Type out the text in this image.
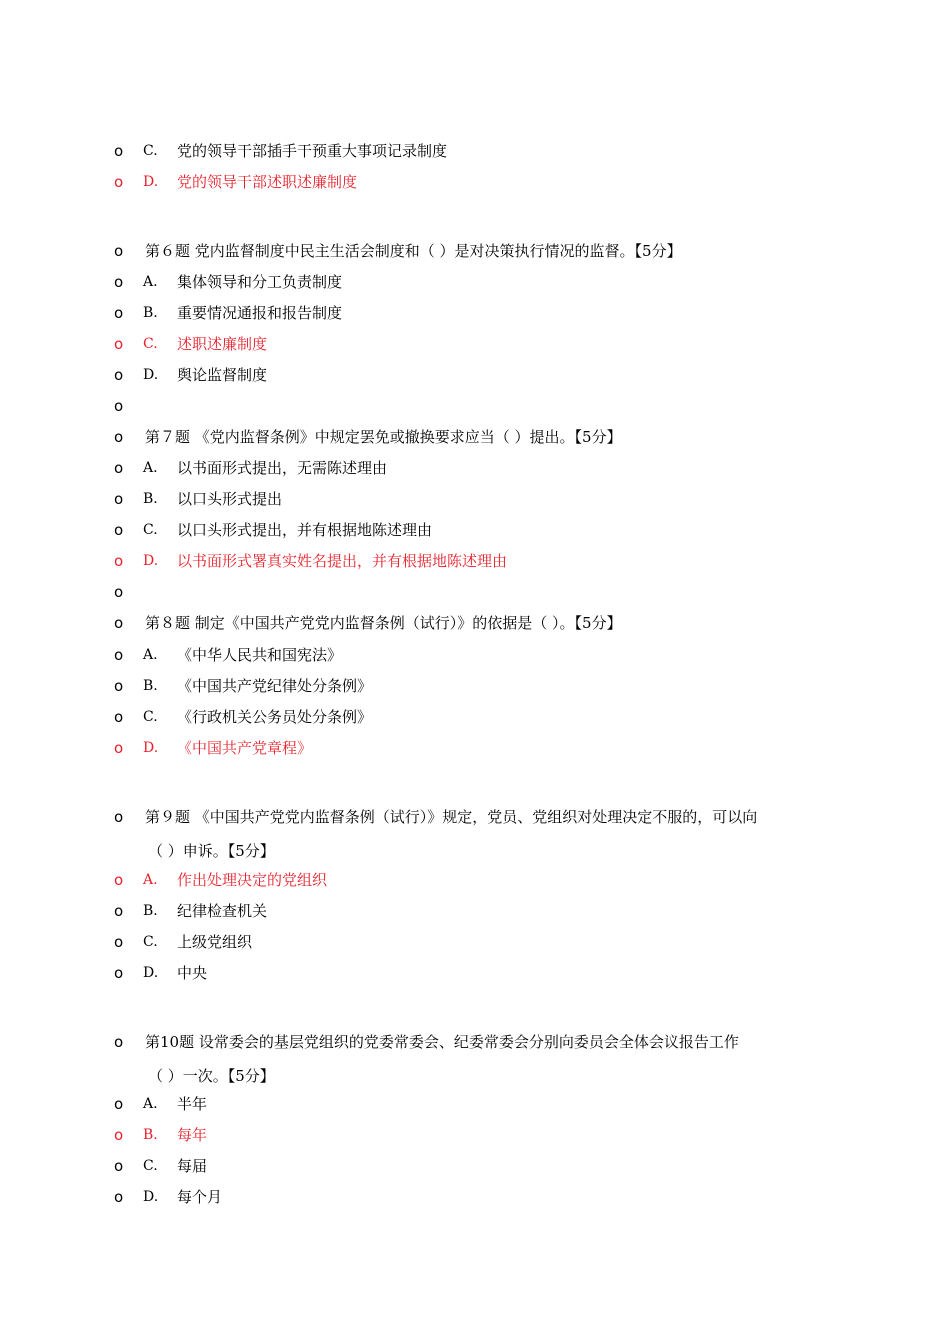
o C. 党的领导干部插手干预重大事项记录制度
o D. 党的领导干部述职述廉制度
o 第６题 党内监督制度中民主生活会制度和（ ）是对决策执行情况的监督。【5分】
o A. 集体领导和分工负责制度
o B. 重要情况通报和报告制度
o C. 述职述廉制度
o D. 舆论监督制度
o
o 第７题 《党内监督条例》中规定罢免或撤换要求应当（ ）提出。【5分】
o A. 以书面形式提出，无需陈述理由
o B. 以口头形式提出
o C. 以口头形式提出，并有根据地陈述理由
o D. 以书面形式署真实姓名提出，并有根据地陈述理由
o
o 第８题 制定《中国共产党党内监督条例（试行）》的依据是（ ）。【5分】
o A. 《中华人民共和国宪法》
o B. 《中国共产党纪律处分条例》
o C. 《行政机关公务员处分条例》
o D. 《中国共产党章程》
o 第９题 《中国共产党党内监督条例（试行）》规定，党员、党组织对处理决定不服的，可以向
（ ）申诉。【5分】
o A. 作出处理决定的党组织
o B. 纪律检查机关
o C. 上级党组织
o D. 中央
o 第10题 设常委会的基层党组织的党委常委会、纪委常委会分别向委员会全体会议报告工作
（ ）一次。【5分】
o A. 半年
o B. 每年
o C. 每届
o D. 每个月
